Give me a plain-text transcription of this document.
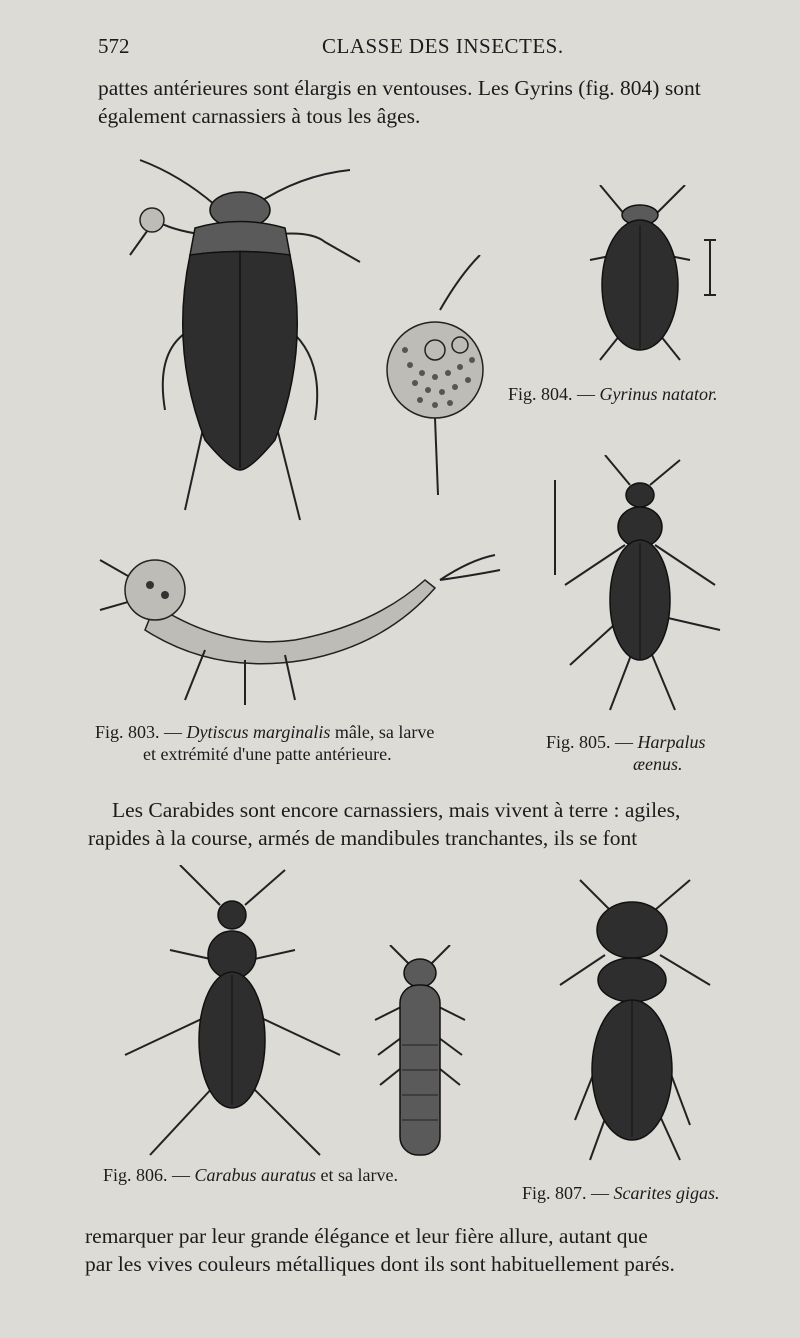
572	CLASSE DES INSECTES.
pattes antérieures sont élargis en ventouses. Les Gyrins (fig. 804) sont
également carnassiers à tous les âges.
Fig. 804. — Gyrinus natator.
Fig. 803. — Dytiscus marginalis mâle, sa larve
et extrémité d'une patte antérieure.
Fig. 805. — Harpalus
æenus.
Les Carabides sont encore carnassiers, mais vivent à terre : agiles,
rapides à la course, armés de mandibules tranchantes, ils se font
Fig. 806. — Carabus auratus et sa larve.
Fig. 807. — Scarites gigas.
remarquer par leur grande élégance et leur fière allure, autant que
par les vives couleurs métalliques dont ils sont habituellement parés.
